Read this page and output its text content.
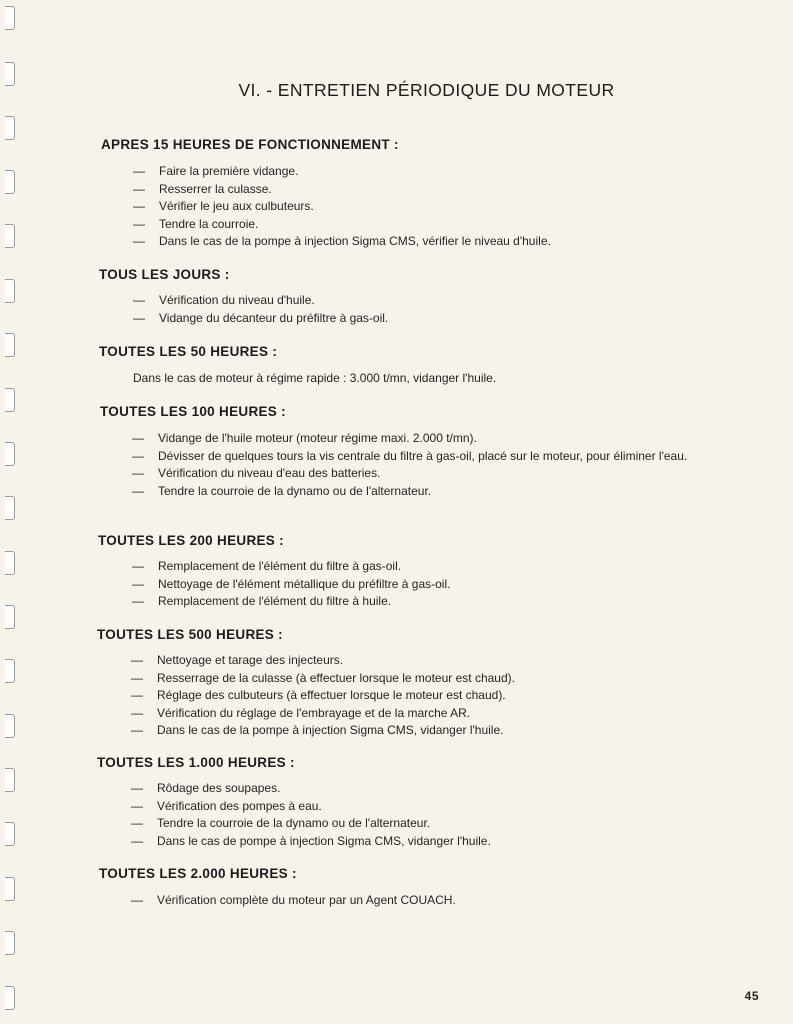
VI. - ENTRETIEN PÉRIODIQUE DU MOTEUR
APRES 15 HEURES DE FONCTIONNEMENT :
— Faire la première vidange.
— Resserrer la culasse.
— Vérifier le jeu aux culbuteurs.
— Tendre la courroie.
— Dans le cas de la pompe à injection Sigma CMS, vérifier le niveau d'huile.
TOUS LES JOURS :
— Vérification du niveau d'huile.
— Vidange du décanteur du préfiltre à gas-oil.
TOUTES LES 50 HEURES :

Dans le cas de moteur à régime rapide : 3.000 t/mn, vidanger l'huile.

TOUTES LES 100 HEURES :
— Vidange de l'huile moteur (moteur régime maxi. 2.000 t/mn).
— Dévisser de quelques tours la vis centrale du filtre à gas-oil, placé sur le moteur, pour éliminer l'eau.
— Vérification du niveau d'eau des batteries.
— Tendre la courroie de la dynamo ou de l'alternateur.
TOUTES LES 200 HEURES :
— Remplacement de l'élément du filtre à gas-oil.
— Nettoyage de l'élément métallique du préfiltre à gas-oil.
— Remplacement de l'élément du filtre à huile.
TOUTES LES 500 HEURES :
— Nettoyage et tarage des injecteurs.
— Resserrage de la culasse (à effectuer lorsque le moteur est chaud).
— Réglage des culbuteurs (à effectuer lorsque le moteur est chaud).
— Vérification du réglage de l'embrayage et de la marche AR.
— Dans le cas de la pompe à injection Sigma CMS, vidanger l'huile.
TOUTES LES 1.000 HEURES :
— Rôdage des soupapes.
— Vérification des pompes à eau.
— Tendre la courroie de la dynamo ou de l'alternateur.
— Dans le cas de pompe à injection Sigma CMS, vidanger l'huile.
TOUTES LES 2.000 HEURES :
— Vérification complète du moteur par un Agent COUACH.
45
